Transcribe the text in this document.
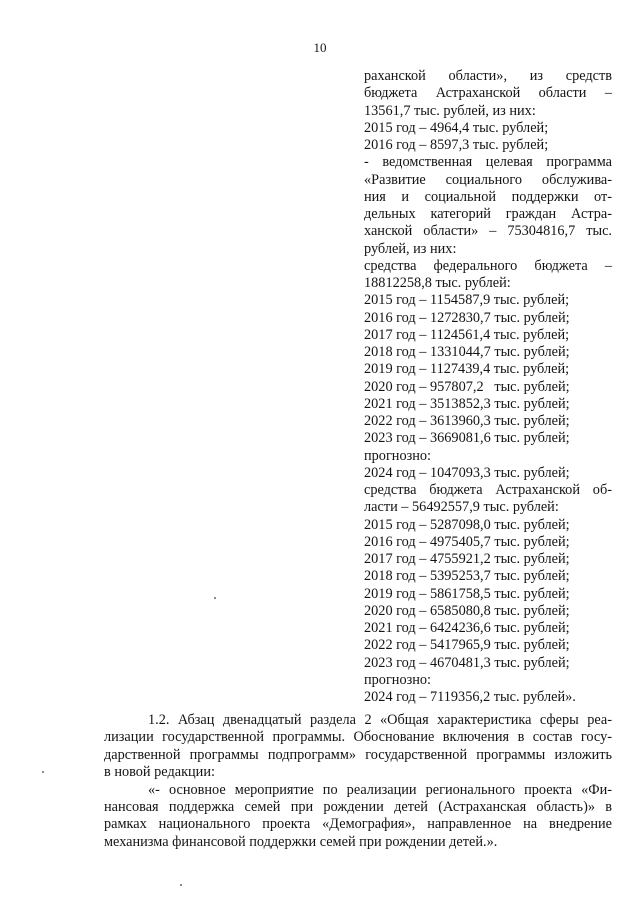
10
раханской области», из средств
бюджета Астраханской области –
13561,7 тыс. рублей, из них:
2015 год – 4964,4 тыс. рублей;
2016 год – 8597,3 тыс. рублей;
- ведомственная целевая программа
«Развитие социального обслужива-
ния и социальной поддержки от-
дельных категорий граждан Астра-
ханской области» – 75304816,7 тыс.
рублей, из них:
средства федерального бюджета –
18812258,8 тыс. рублей:
2015 год – 1154587,9 тыс. рублей;
2016 год – 1272830,7 тыс. рублей;
2017 год – 1124561,4 тыс. рублей;
2018 год – 1331044,7 тыс. рублей;
2019 год – 1127439,4 тыс. рублей;
2020 год – 957807,2   тыс. рублей;
2021 год – 3513852,3 тыс. рублей;
2022 год – 3613960,3 тыс. рублей;
2023 год – 3669081,6 тыс. рублей;
прогнозно:
2024 год – 1047093,3 тыс. рублей;
средства бюджета Астраханской об-
ласти – 56492557,9 тыс. рублей:
2015 год – 5287098,0 тыс. рублей;
2016 год – 4975405,7 тыс. рублей;
2017 год – 4755921,2 тыс. рублей;
2018 год – 5395253,7 тыс. рублей;
2019 год – 5861758,5 тыс. рублей;
2020 год – 6585080,8 тыс. рублей;
2021 год – 6424236,6 тыс. рублей;
2022 год – 5417965,9 тыс. рублей;
2023 год – 4670481,3 тыс. рублей;
прогнозно:
2024 год – 7119356,2 тыс. рублей».
1.2. Абзац двенадцатый раздела 2 «Общая характеристика сферы реа-
лизации государственной программы. Обоснование включения в состав госу-
дарственной программы подпрограмм» государственной программы изложить
в новой редакции:
«- основное мероприятие по реализации регионального проекта «Фи-
нансовая поддержка семей при рождении детей (Астраханская область)» в
рамках национального проекта «Демография», направленное на внедрение
механизма финансовой поддержки семей при рождении детей.».
